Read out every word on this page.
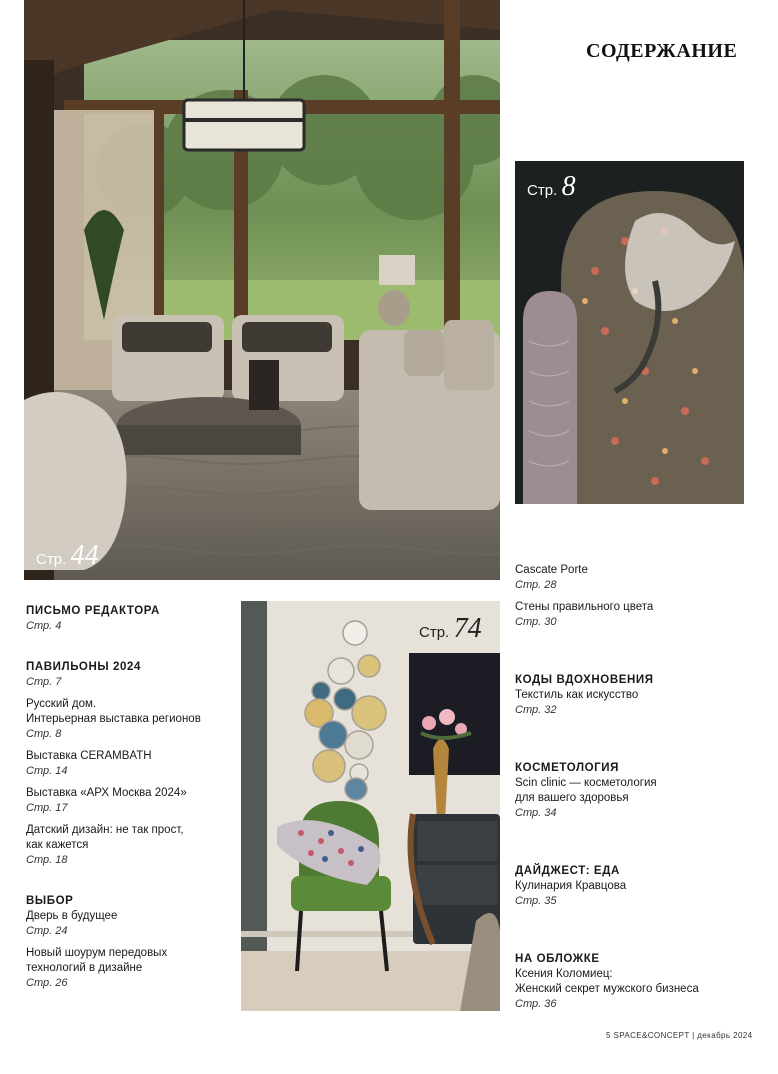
СОДЕРЖАНИЕ
Стр. 44
Стр. 8
Стр. 74
ПИСЬМО РЕДАКТОРА
Стр. 4
ПАВИЛЬОНЫ 2024
Стр. 7
Русский дом.
Интерьерная выставка регионов
Стр. 8
Выставка CERAMBATH
Стр. 14
Выставка «АРХ Москва 2024»
Стр. 17
Датский дизайн: не так прост,
как кажется
Стр. 18
ВЫБОР
Дверь в будущее
Стр. 24
Новый шоурум передовых
технологий в дизайне
Стр. 26
Cascate Porte
Стр. 28
Стены правильного цвета
Стр. 30
КОДЫ ВДОХНОВЕНИЯ
Текстиль как искусство
Стр. 32
КОСМЕТОЛОГИЯ
Scin clinic — косметология
для вашего здоровья
Стр. 34
ДАЙДЖЕСТ: ЕДА
Кулинария Кравцова
Стр. 35
НА ОБЛОЖКЕ
Ксения Коломиец:
Женский секрет мужского бизнеса
Стр. 36
5 SPACE&CONCEPT | декабрь 2024
